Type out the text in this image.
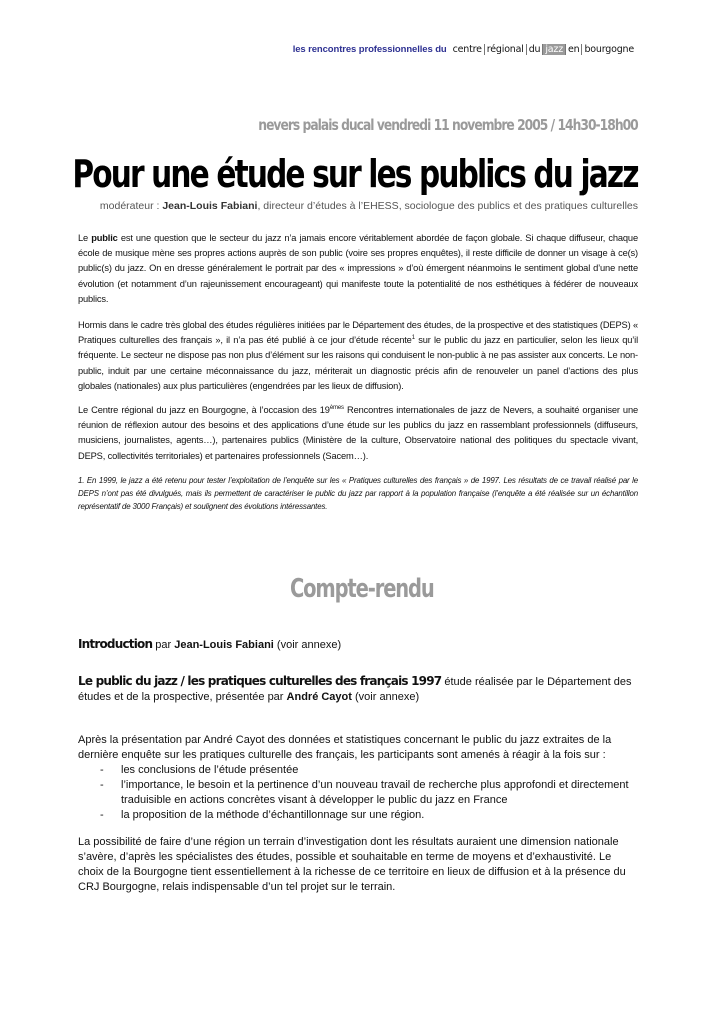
les rencontres professionnelles du centre régional du jazz en bourgogne
nevers palais ducal vendredi 11 novembre 2005 / 14h30-18h00
Pour une étude sur les publics du jazz
modérateur : Jean-Louis Fabiani, directeur d’études à l’EHESS, sociologue des publics et des pratiques culturelles

Le public est une question que le secteur du jazz n’a jamais encore véritablement abordée de façon globale. Si chaque diffuseur, chaque école de musique mène ses propres actions auprès de son public (voire ses propres enquêtes), il reste difficile de donner un visage à ce(s) public(s) du jazz. On en dresse généralement le portrait par des « impressions » d’où émergent néanmoins le sentiment global d’une nette évolution (et notamment d’un rajeunissement encourageant) qui manifeste toute la potentialité de nos esthétiques à fédérer de nouveaux publics.

Hormis dans le cadre très global des études régulières initiées par le Département des études, de la prospective et des statistiques (DEPS) « Pratiques culturelles des français », il n’a pas été publié à ce jour d’étude récente$^1$ sur le public du jazz en particulier, selon les lieux qu’il fréquente. Le secteur ne dispose pas non plus d’élément sur les raisons qui conduisent le non-public à ne pas assister aux concerts. Le non-public, induit par une certaine méconnaissance du jazz, mériterait un diagnostic précis afin de renouveler un panel d’actions des plus globales (nationales) aux plus particulières (engendrées par les lieux de diffusion).

Le Centre régional du jazz en Bourgogne, à l’occasion des 19èmes Rencontres internationales de jazz de Nevers, a souhaité organiser une réunion de réflexion autour des besoins et des applications d’une étude sur les publics du jazz en rassemblant professionnels (diffuseurs, musiciens, journalistes, agents…), partenaires publics (Ministère de la culture, Observatoire national des politiques du spectacle vivant, DEPS, collectivités territoriales) et partenaires professionnels (Sacem…).

1. En 1999, le jazz a été retenu pour tester l’exploitation de l’enquête sur les « Pratiques culturelles des français » de 1997. Les résultats de ce travail réalisé par le DEPS n’ont pas été divulgués, mais ils permettent de caractériser le public du jazz par rapport à la population française (l’enquête a été réalisée sur un échantillon représentatif de 3000 Français) et soulignent des évolutions intéressantes.

Compte-rendu
Introduction par Jean-Louis Fabiani (voir annexe)
Le public du jazz / les pratiques culturelles des français 1997 étude réalisée par le Département des études et de la prospective, présentée par André Cayot (voir annexe)

Après la présentation par André Cayot des données et statistiques concernant le public du jazz extraites de la dernière enquête sur les pratiques culturelle des français, les participants sont amenés à réagir à la fois sur :

- les conclusions de l’étude présentée
- l’importance, le besoin et la pertinence d’un nouveau travail de recherche plus approfondi et directement traduisible en actions concrètes visant à développer le public du jazz en France
- la proposition de la méthode d’échantillonnage sur une région.

La possibilité de faire d’une région un terrain d’investigation dont les résultats auraient une dimension nationale s’avère, d’après les spécialistes des études, possible et souhaitable en terme de moyens et d’exhaustivité. Le choix de la Bourgogne tient essentiellement à la richesse de ce territoire en lieux de diffusion et à la présence du CRJ Bourgogne, relais indispensable d’un tel projet sur le terrain.
